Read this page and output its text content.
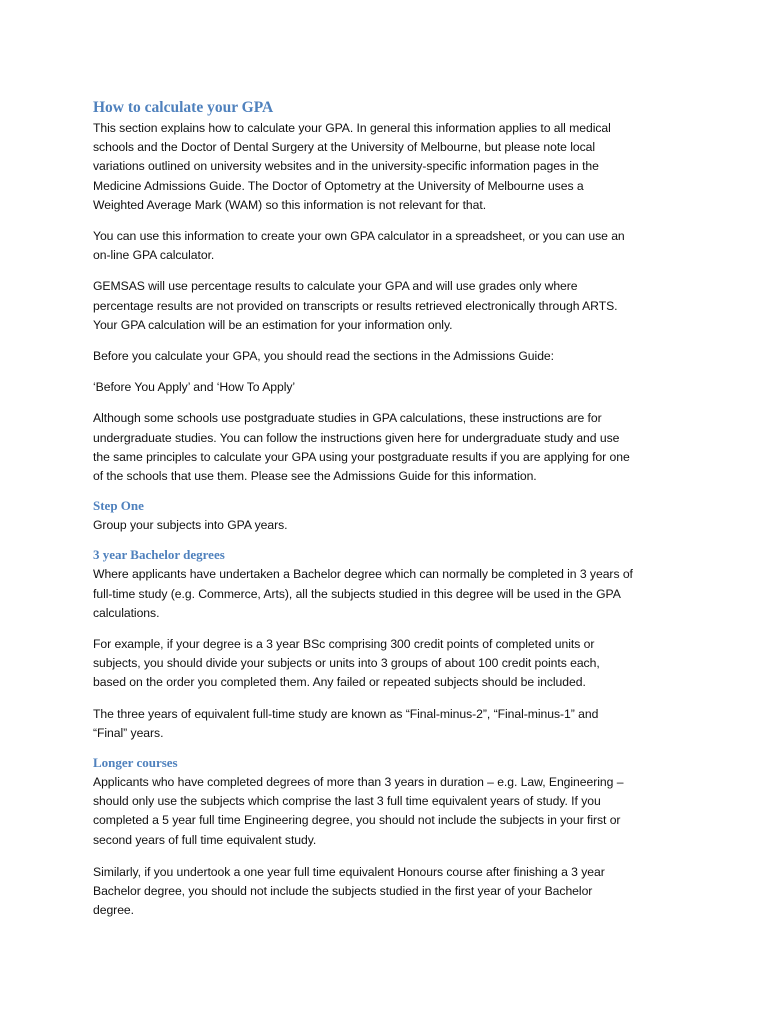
How to calculate your GPA

This section explains how to calculate your GPA. In general this information applies to all medical
schools and the Doctor of Dental Surgery at the University of Melbourne, but please note local
variations outlined on university websites and in the university-specific information pages in the
Medicine Admissions Guide. The Doctor of Optometry at the University of Melbourne uses a
Weighted Average Mark (WAM) so this information is not relevant for that.

You can use this information to create your own GPA calculator in a spreadsheet, or you can use an
on-line GPA calculator.

GEMSAS will use percentage results to calculate your GPA and will use grades only where
percentage results are not provided on transcripts or results retrieved electronically through ARTS.
Your GPA calculation will be an estimation for your information only.

Before you calculate your GPA, you should read the sections in the Admissions Guide:

‘Before You Apply’ and ‘How To Apply’

Although some schools use postgraduate studies in GPA calculations, these instructions are for
undergraduate studies. You can follow the instructions given here for undergraduate study and use
the same principles to calculate your GPA using your postgraduate results if you are applying for one
of the schools that use them. Please see the Admissions Guide for this information.

Step One

Group your subjects into GPA years.

3 year Bachelor degrees

Where applicants have undertaken a Bachelor degree which can normally be completed in 3 years of
full-time study (e.g. Commerce, Arts), all the subjects studied in this degree will be used in the GPA
calculations.

For example, if your degree is a 3 year BSc comprising 300 credit points of completed units or
subjects, you should divide your subjects or units into 3 groups of about 100 credit points each,
based on the order you completed them. Any failed or repeated subjects should be included.

The three years of equivalent full-time study are known as “Final-minus-2”, “Final-minus-1” and
“Final” years.

Longer courses

Applicants who have completed degrees of more than 3 years in duration – e.g. Law, Engineering –
should only use the subjects which comprise the last 3 full time equivalent years of study. If you
completed a 5 year full time Engineering degree, you should not include the subjects in your first or
second years of full time equivalent study.

Similarly, if you undertook a one year full time equivalent Honours course after finishing a 3 year
Bachelor degree, you should not include the subjects studied in the first year of your Bachelor
degree.
